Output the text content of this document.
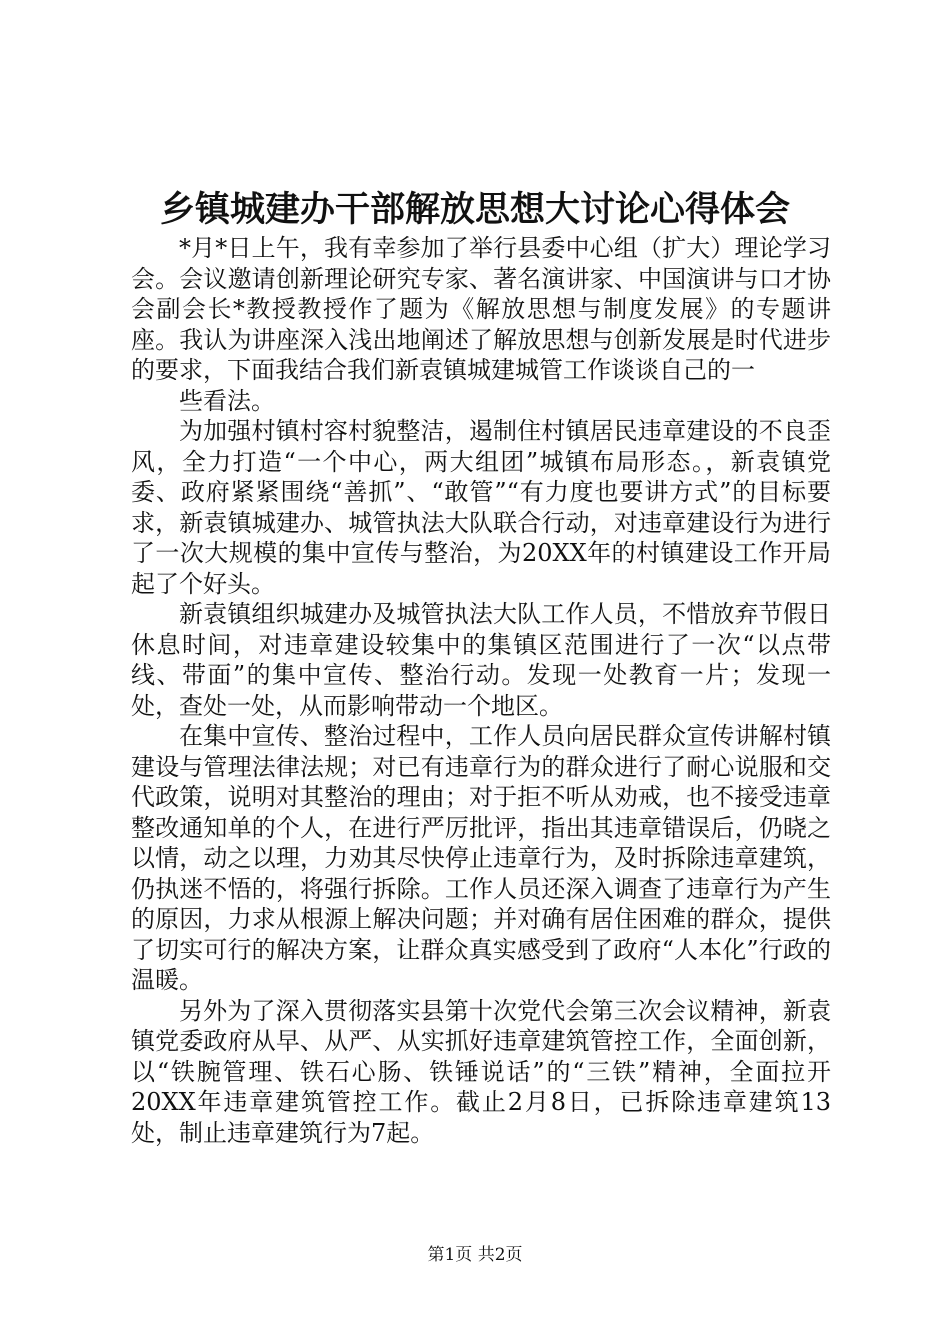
乡镇城建办干部解放思想大讨论心得体会

*月*日上午，我有幸参加了举行县委中心组（扩大）理论学习会。会议邀请创新理论研究专家、著名演讲家、中国演讲与口才协会副会长*教授教授作了题为《解放思想与制度发展》的专题讲座。我认为讲座深入浅出地阐述了解放思想与创新发展是时代进步的要求，下面我结合我们新袁镇城建城管工作谈谈自己的一

些看法。

为加强村镇村容村貌整洁，遏制住村镇居民违章建设的不良歪风，全力打造“一个中心，两大组团”城镇布局形态。，新袁镇党委、政府紧紧围绕“善抓”、“敢管”“有力度也要讲方式”的目标要求，新袁镇城建办、城管执法大队联合行动，对违章建设行为进行了一次大规模的集中宣传与整治，为20XX年的村镇建设工作开局起了个好头。

新袁镇组织城建办及城管执法大队工作人员，不惜放弃节假日休息时间，对违章建设较集中的集镇区范围进行了一次“以点带线、带面”的集中宣传、整治行动。发现一处教育一片；发现一处，查处一处，从而影响带动一个地区。

在集中宣传、整治过程中，工作人员向居民群众宣传讲解村镇建设与管理法律法规；对已有违章行为的群众进行了耐心说服和交代政策，说明对其整治的理由；对于拒不听从劝戒，也不接受违章整改通知单的个人，在进行严厉批评，指出其违章错误后，仍晓之以情，动之以理，力劝其尽快停止违章行为，及时拆除违章建筑，仍执迷不悟的，将强行拆除。工作人员还深入调查了违章行为产生的原因，力求从根源上解决问题；并对确有居住困难的群众，提供了切实可行的解决方案，让群众真实感受到了政府“人本化”行政的温暖。

另外为了深入贯彻落实县第十次党代会第三次会议精神，新袁镇党委政府从早、从严、从实抓好违章建筑管控工作，全面创新，以“铁腕管理、铁石心肠、铁锤说话”的“三铁”精神，全面拉开20XX年违章建筑管控工作。截止2月8日，已拆除违章建筑13处，制止违章建筑行为7起。

第1页 共2页
